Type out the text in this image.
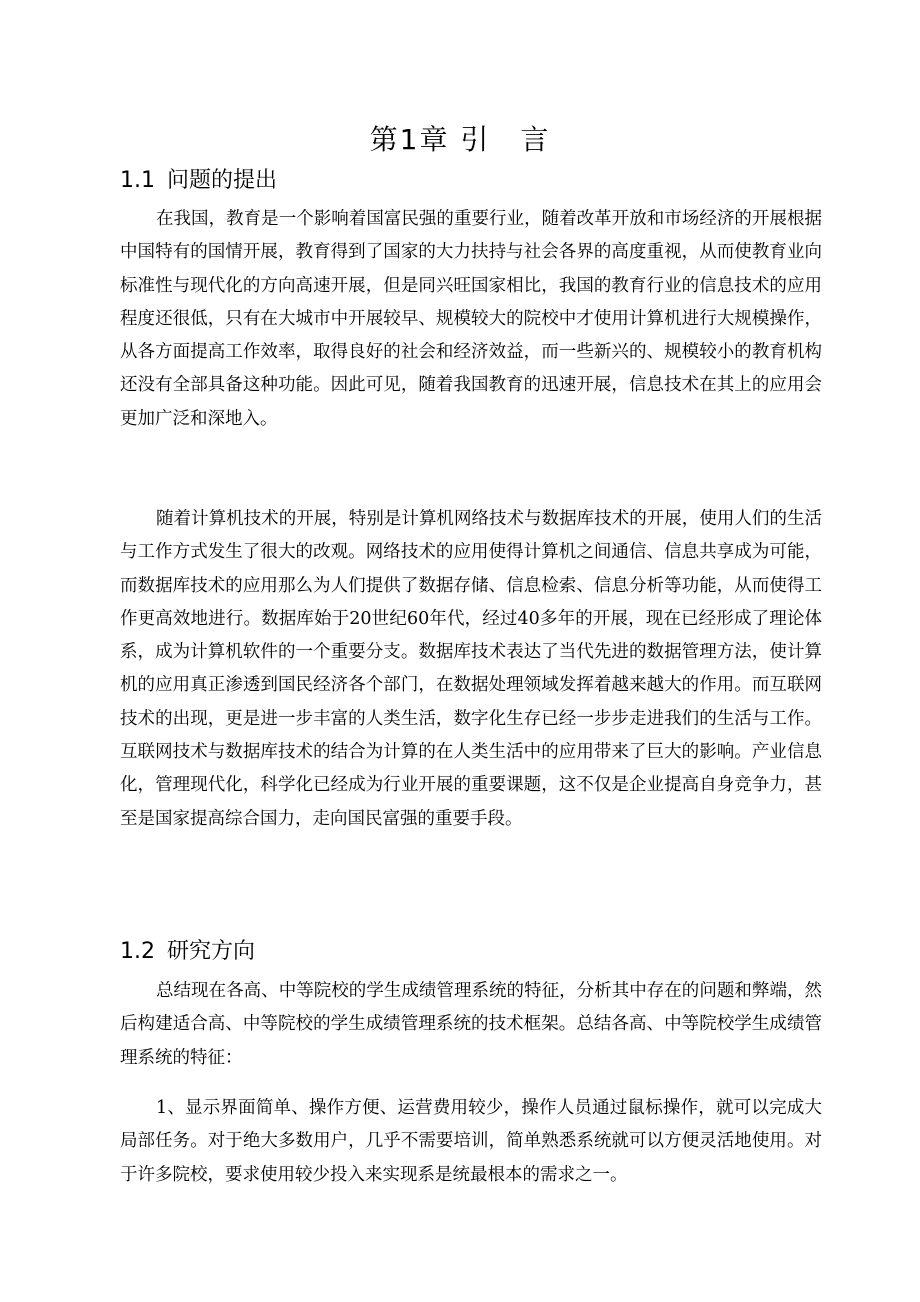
第1章 引　言
1.1 问题的提出

在我国，教育是一个影响着国富民强的重要行业，随着改革开放和市场经济的开展根据中国特有的国情开展，教育得到了国家的大力扶持与社会各界的高度重视，从而使教育业向标准性与现代化的方向高速开展，但是同兴旺国家相比，我国的教育行业的信息技术的应用程度还很低，只有在大城市中开展较早、规模较大的院校中才使用计算机进行大规模操作，从各方面提高工作效率，取得良好的社会和经济效益，而一些新兴的、规模较小的教育机构还没有全部具备这种功能。因此可见，随着我国教育的迅速开展，信息技术在其上的应用会更加广泛和深地入。

随着计算机技术的开展，特别是计算机网络技术与数据库技术的开展，使用人们的生活与工作方式发生了很大的改观。网络技术的应用使得计算机之间通信、信息共享成为可能，而数据库技术的应用那么为人们提供了数据存储、信息检索、信息分析等功能，从而使得工作更高效地进行。数据库始于20世纪60年代，经过40多年的开展，现在已经形成了理论体系，成为计算机软件的一个重要分支。数据库技术表达了当代先进的数据管理方法，使计算机的应用真正渗透到国民经济各个部门，在数据处理领域发挥着越来越大的作用。而互联网技术的出现，更是进一步丰富的人类生活，数字化生存已经一步步走进我们的生活与工作。互联网技术与数据库技术的结合为计算的在人类生活中的应用带来了巨大的影响。产业信息化，管理现代化，科学化已经成为行业开展的重要课题，这不仅是企业提高自身竞争力，甚至是国家提高综合国力，走向国民富强的重要手段。

1.2 研究方向

总结现在各高、中等院校的学生成绩管理系统的特征，分析其中存在的问题和弊端，然后构建适合高、中等院校的学生成绩管理系统的技术框架。总结各高、中等院校学生成绩管理系统的特征：

1、显示界面简单、操作方便、运营费用较少，操作人员通过鼠标操作，就可以完成大局部任务。对于绝大多数用户，几乎不需要培训，简单熟悉系统就可以方便灵活地使用。对于许多院校，要求使用较少投入来实现系是统最根本的需求之一。
